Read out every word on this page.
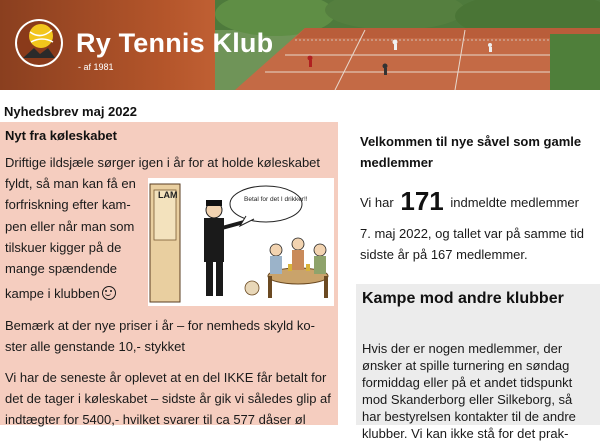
Ry Tennis Klub
- af 1981
Nyhedsbrev maj 2022
Nyt fra køleskabet
Driftige ildsjæle sørger igen i år for at holde køleskabet
fyldt, så man kan få en
forfriskning efter kam-
pen eller når man som
tilskuer kigger på de
mange spændende
kampe i klubben
Bemærk at der nye priser i år – for nemheds skyld ko-
ster alle genstande 10,- stykket
Vi har de seneste år oplevet at en del IKKE får betalt for
det de tager i køleskabet – sidste år gik vi således glip af
indtægter for 5400,- hvilket svarer til ca 577 dåser øl
LAM	Betal for det I drikker!!
Velkommen til nye såvel som gamle
medlemmer
Vi har 171 indmeldte medlemmer
7. maj 2022, og tallet var på samme tid
sidste år på 167 medlemmer.
Kampe mod andre klubber
Hvis der er nogen medlemmer, der
ønsker at spille turnering en søndag
formiddag eller på et andet tidspunkt
mod Skanderborg eller Silkeborg, så
har bestyrelsen kontakter til de andre
klubber. Vi kan ikke stå for det prak-
